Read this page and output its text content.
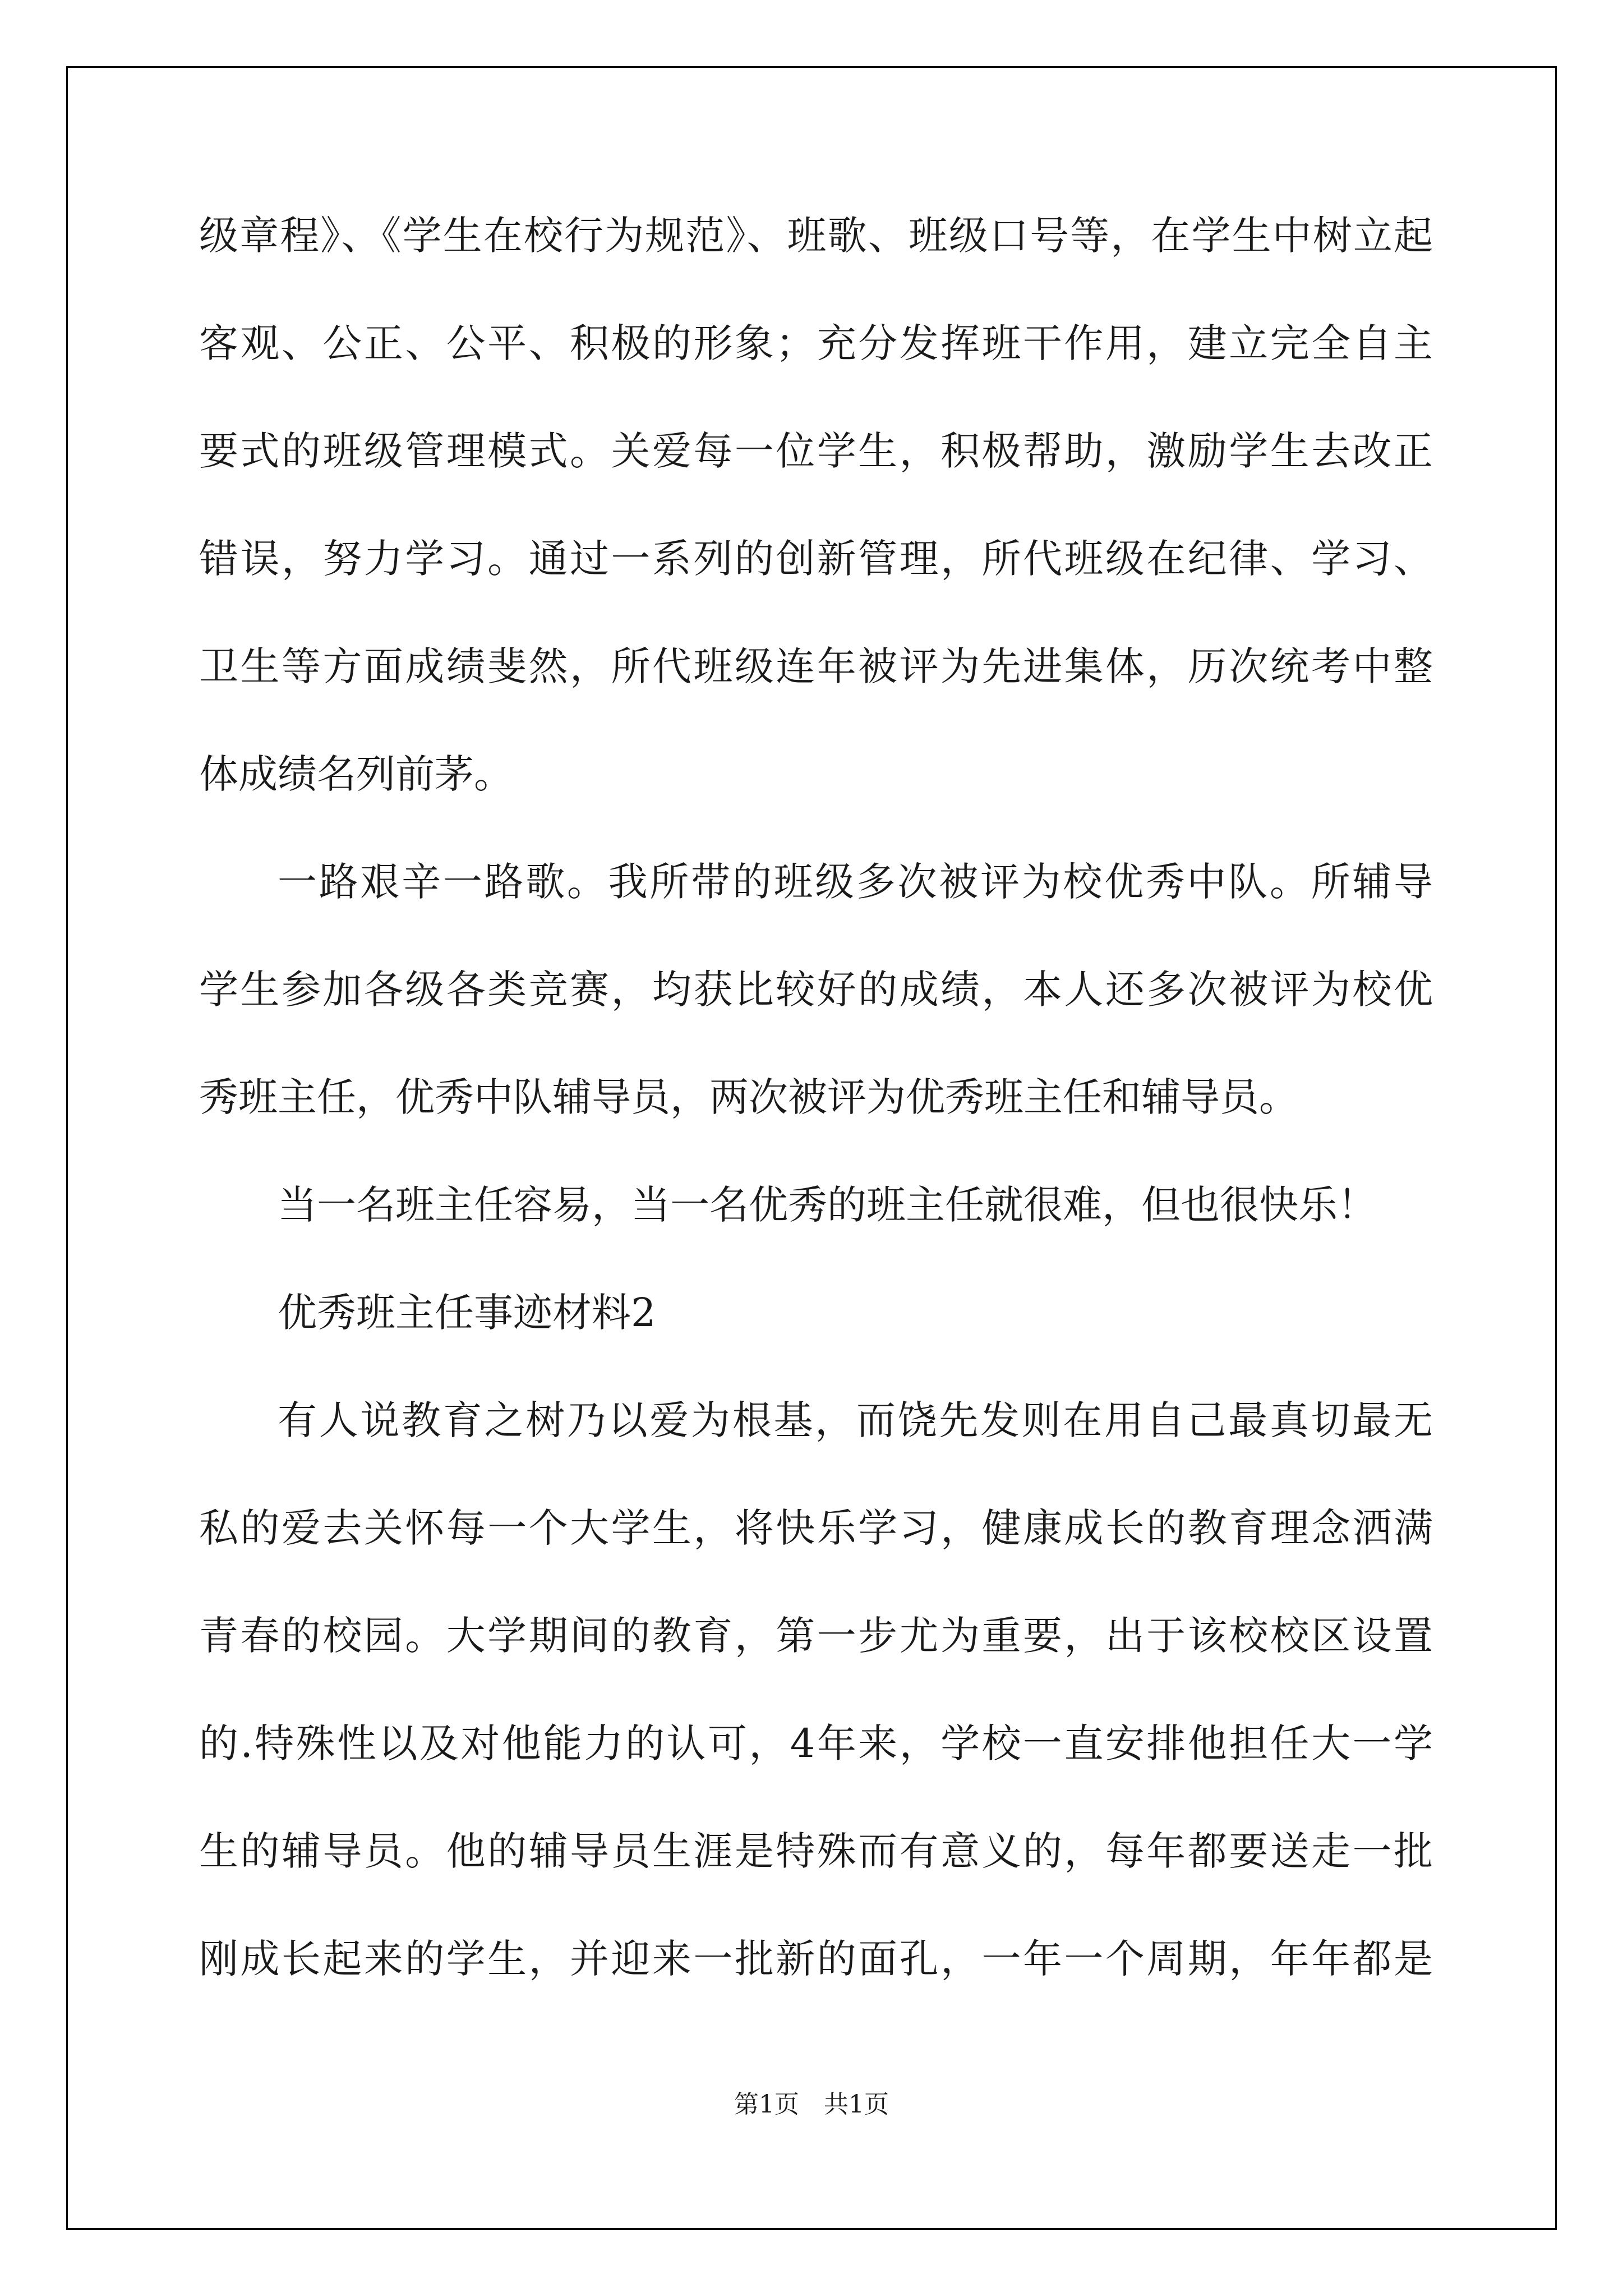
级章程》、《学生在校行为规范》、班歌、班级口号等，在学生中树立起
客观、公正、公平、积极的形象；充分发挥班干作用，建立完全自主
要式的班级管理模式。关爱每一位学生，积极帮助，激励学生去改正
错误，努力学习。通过一系列的创新管理，所代班级在纪律、学习、
卫生等方面成绩斐然，所代班级连年被评为先进集体，历次统考中整
体成绩名列前茅。
一路艰辛一路歌。我所带的班级多次被评为校优秀中队。所辅导
学生参加各级各类竞赛，均获比较好的成绩，本人还多次被评为校优
秀班主任，优秀中队辅导员，两次被评为优秀班主任和辅导员。
当一名班主任容易，当一名优秀的班主任就很难，但也很快乐！
优秀班主任事迹材料2
有人说教育之树乃以爱为根基，而饶先发则在用自己最真切最无
私的爱去关怀每一个大学生，将快乐学习，健康成长的教育理念洒满
青春的校园。大学期间的教育，第一步尤为重要，出于该校校区设置
的.特殊性以及对他能力的认可，4年来，学校一直安排他担任大一学
生的辅导员。他的辅导员生涯是特殊而有意义的，每年都要送走一批
刚成长起来的学生，并迎来一批新的面孔，一年一个周期，年年都是
第1页　共1页
